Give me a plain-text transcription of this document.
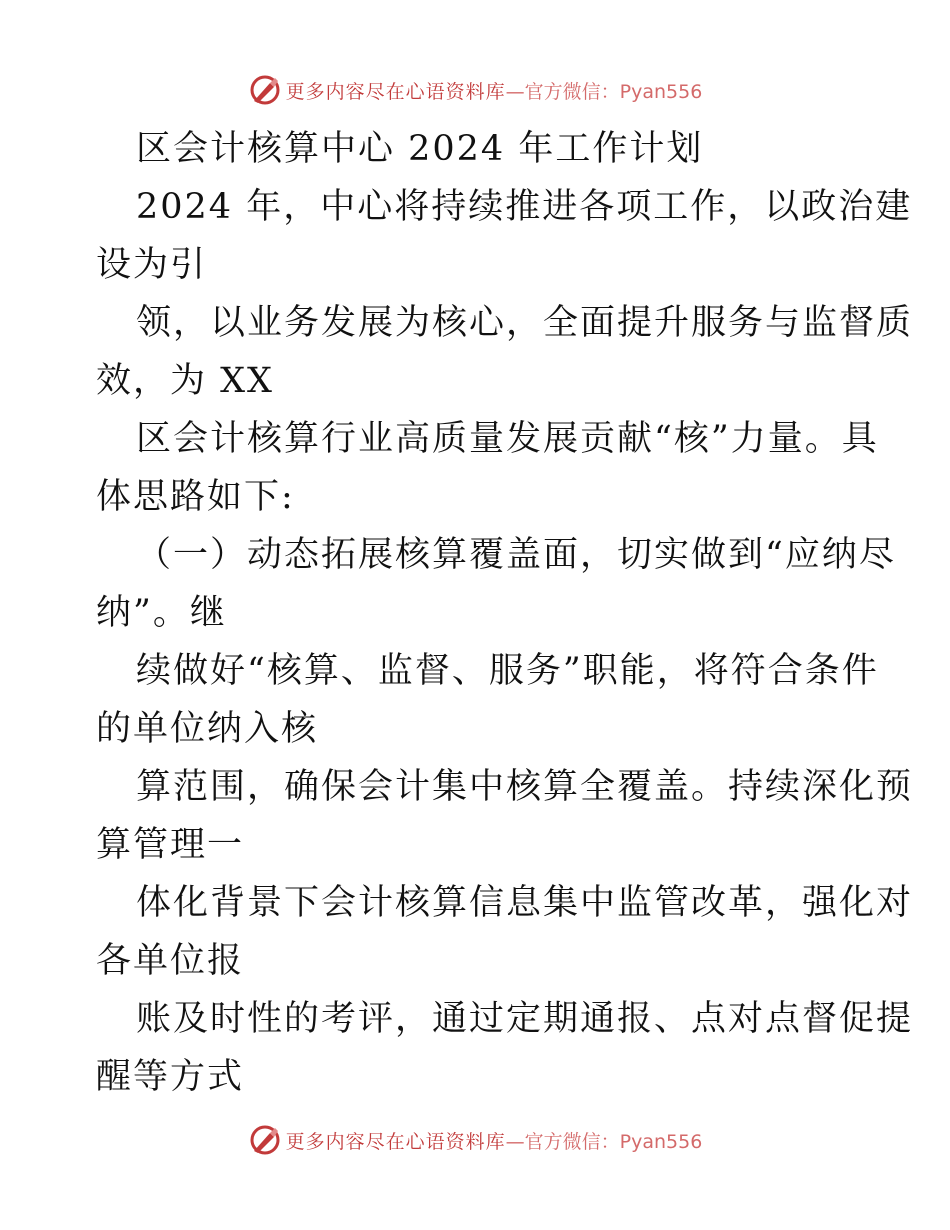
更多内容尽在心语资料库 —官方微信：Pyan556
区会计核算中心 2024 年工作计划
2024 年，中心将持续推进各项工作，以政治建
设为引
领，以业务发展为核心，全面提升服务与监督质
效，为 XX
区会计核算行业高质量发展贡献“核”力量。具
体思路如下:
（一）动态拓展核算覆盖面，切实做到“应纳尽
纳”。继
续做好“核算、监督、服务”职能，将符合条件
的单位纳入核
算范围，确保会计集中核算全覆盖。持续深化预
算管理一
体化背景下会计核算信息集中监管改革，强化对
各单位报
账及时性的考评，通过定期通报、点对点督促提
醒等方式
更多内容尽在心语资料库 —官方微信：Pyan556
